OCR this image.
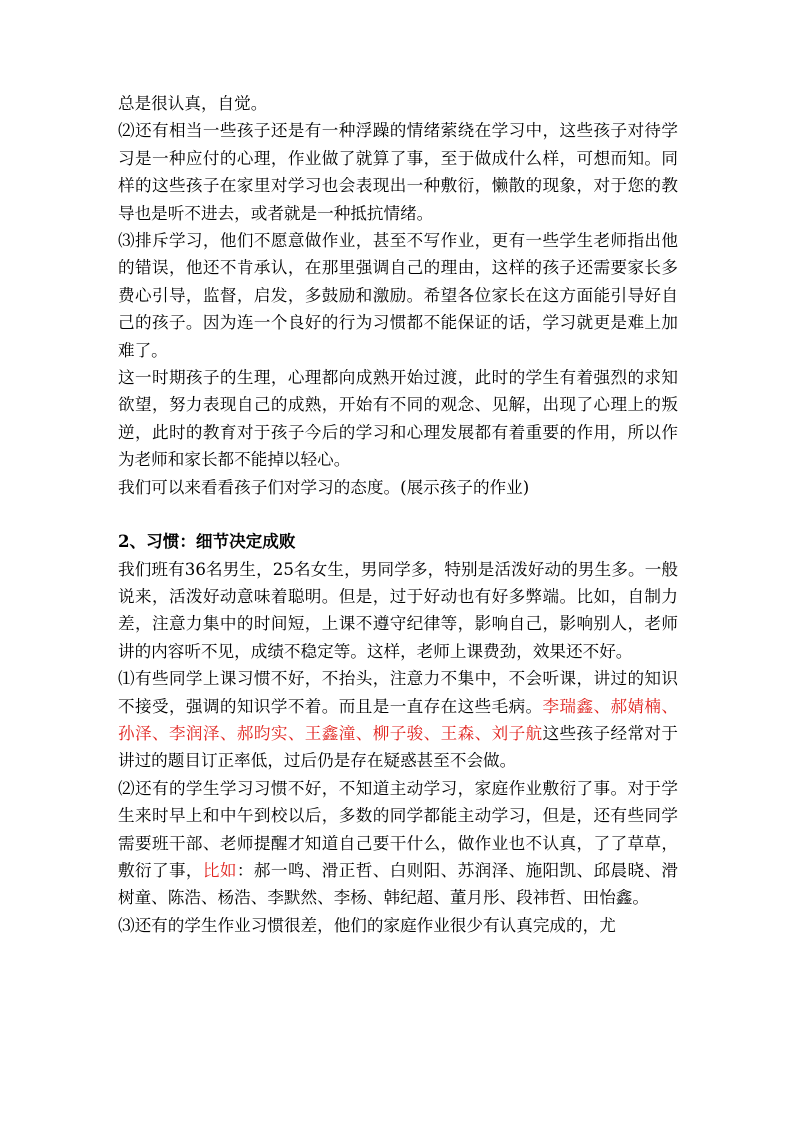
总是很认真，自觉。

⑵还有相当一些孩子还是有一种浮躁的情绪萦绕在学习中，这些孩子对待学习是一种应付的心理，作业做了就算了事，至于做成什么样，可想而知。同样的这些孩子在家里对学习也会表现出一种敷衍，懒散的现象，对于您的教导也是听不进去，或者就是一种抵抗情绪。

⑶排斥学习，他们不愿意做作业，甚至不写作业，更有一些学生老师指出他的错误，他还不肯承认，在那里强调自己的理由，这样的孩子还需要家长多费心引导，监督，启发，多鼓励和激励。希望各位家长在这方面能引导好自己的孩子。因为连一个良好的行为习惯都不能保证的话，学习就更是难上加难了。

这一时期孩子的生理，心理都向成熟开始过渡，此时的学生有着强烈的求知欲望，努力表现自己的成熟，开始有不同的观念、见解，出现了心理上的叛逆，此时的教育对于孩子今后的学习和心理发展都有着重要的作用，所以作为老师和家长都不能掉以轻心。

我们可以来看看孩子们对学习的态度。(展示孩子的作业)

2、习惯：细节决定成败

我们班有36名男生，25名女生，男同学多，特别是活泼好动的男生多。一般说来，活泼好动意味着聪明。但是，过于好动也有好多弊端。比如，自制力差，注意力集中的时间短，上课不遵守纪律等，影响自己，影响别人，老师讲的内容听不见，成绩不稳定等。这样，老师上课费劲，效果还不好。

⑴有些同学上课习惯不好，不抬头，注意力不集中，不会听课，讲过的知识不接受，强调的知识学不着。而且是一直存在这些毛病。李瑞鑫、郝婧楠、孙泽、李润泽、郝昀实、王鑫潼、柳子骏、王森、刘子航这些孩子经常对于讲过的题目订正率低，过后仍是存在疑惑甚至不会做。

⑵还有的学生学习习惯不好，不知道主动学习，家庭作业敷衍了事。对于学生来时早上和中午到校以后，多数的同学都能主动学习，但是，还有些同学需要班干部、老师提醒才知道自己要干什么，做作业也不认真，了了草草，敷衍了事，比如：郝一鸣、滑正哲、白则阳、苏润泽、施阳凯、邱晨晓、滑树童、陈浩、杨浩、李默然、李杨、韩纪超、董月彤、段祎哲、田怡鑫。

⑶还有的学生作业习惯很差，他们的家庭作业很少有认真完成的，尤
